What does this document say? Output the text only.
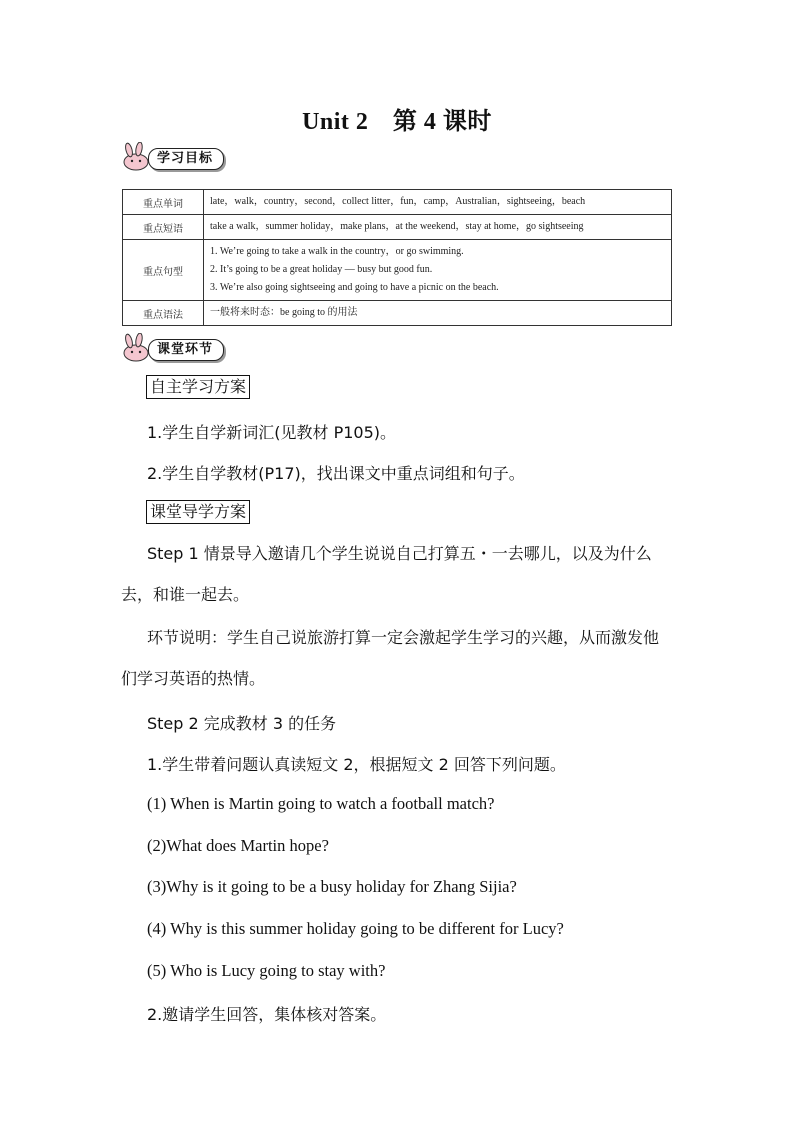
Unit 2　第 4 课时
学习目标
重点单词	late，walk，country，second，collect litter，fun，camp，Australian，sightseeing，beach
重点短语	take a walk，summer holiday，make plans，at the weekend，stay at home，go sightseeing
重点句型	1. We’re going to take a walk in the country，or go swimming.
2. It’s going to be a great holiday — busy but good fun.
3. We’re also going sightseeing and going to have a picnic on the beach.

重点语法	一般将来时态：be going to 的用法
课堂环节
自主学习方案
1.学生自学新词汇(见教材 P105)。
2.学生自学教材(P17)，找出课文中重点词组和句子。
课堂导学方案
Step 1 情景导入邀请几个学生说说自己打算五・一去哪儿，以及为什么去，和谁一起去。
环节说明：学生自己说旅游打算一定会激起学生学习的兴趣，从而激发他们学习英语的热情。
Step 2 完成教材 3 的任务
1.学生带着问题认真读短文 2，根据短文 2 回答下列问题。
(1) When is Martin going to watch a football match?
(2)What does Martin hope?
(3)Why is it going to be a busy holiday for Zhang Sijia?
(4) Why is this summer holiday going to be different for Lucy?
(5) Who is Lucy going to stay with?
2.邀请学生回答，集体核对答案。
